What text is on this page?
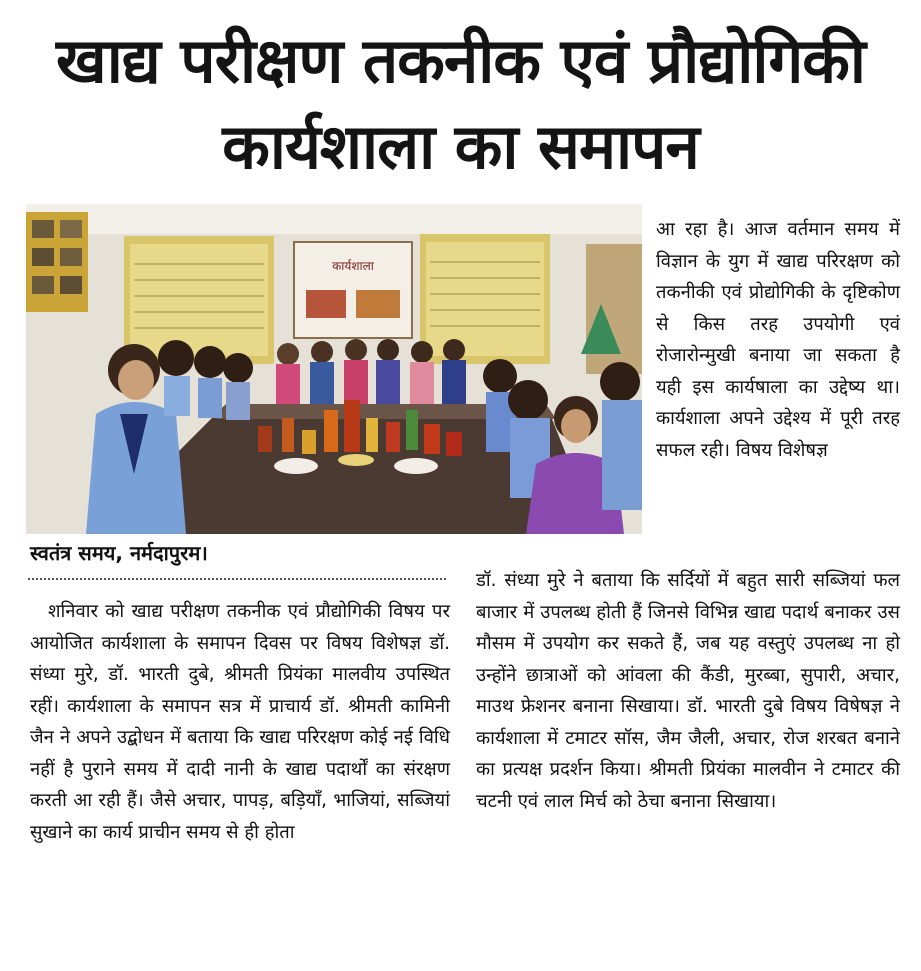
खाद्य परीक्षण तकनीक एवं प्रौद्योगिकी
कार्यशाला का समापन
कार्यशाला
स्वतंत्र समय, नर्मदापुरम।

आ रहा है। आज वर्तमान समय में विज्ञान के युग में खाद्य परिरक्षण को तकनीकी एवं प्रोद्योगिकी के दृष्टिकोण से किस तरह उपयोगी एवं रोजारोन्मुखी बनाया जा सकता है यही इस कार्यषाला का उद्देष्य था। कार्यशाला अपने उद्देश्य में पूरी तरह सफल रही। विषय विशेषज्ञ

शनिवार को खाद्य परीक्षण तकनीक एवं प्रौद्योगिकी विषय पर आयोजित कार्यशाला के समापन दिवस पर विषय विशेषज्ञ डॉ. संध्या मुरे, डॉ. भारती दुबे, श्रीमती प्रियंका मालवीय उपस्थित रहीं। कार्यशाला के समापन सत्र में प्राचार्य डॉ. श्रीमती कामिनी जैन ने अपने उद्बोधन में बताया कि खाद्य परिरक्षण कोई नई विधि नहीं है पुराने समय में दादी नानी के खाद्य पदार्थों का संरक्षण करती आ रही हैं। जैसे अचार, पापड़, बड़ियाँ, भाजियां, सब्जियां सुखाने का कार्य प्राचीन समय से ही होता

डॉ. संध्या मुरे ने बताया कि सर्दियों में बहुत सारी सब्जियां फल बाजार में उपलब्ध होती हैं जिनसे विभिन्न खाद्य पदार्थ बनाकर उस मौसम में उपयोग कर सकते हैं, जब यह वस्तुएं उपलब्ध ना हो उन्होंने छात्राओं को आंवला की कैंडी, मुरब्बा, सुपारी, अचार, माउथ फ्रेशनर बनाना सिखाया। डॉ. भारती दुबे विषय विषेषज्ञ ने कार्यशाला में टमाटर सॉस, जैम जैली, अचार, रोज शरबत बनाने का प्रत्यक्ष प्रदर्शन किया। श्रीमती प्रियंका मालवीन ने टमाटर की चटनी एवं लाल मिर्च को ठेचा बनाना सिखाया।
